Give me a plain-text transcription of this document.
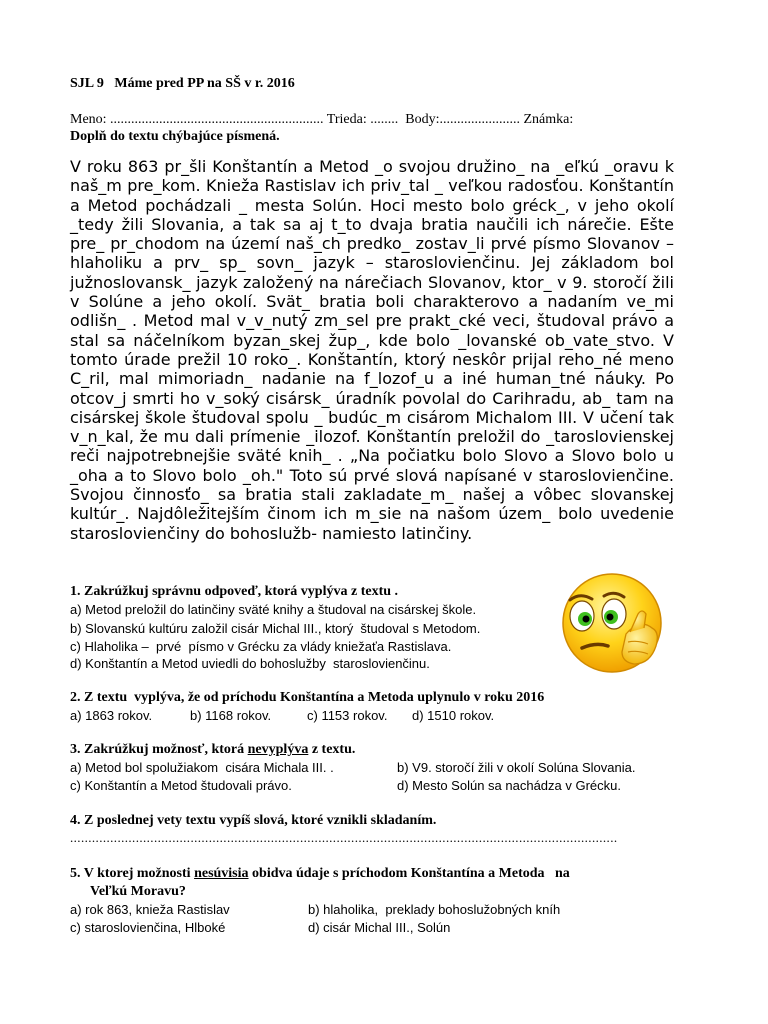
SJL 9   Máme pred PP na SŠ v r. 2016
Meno: ............................................................. Trieda: ........  Body:....................... Známka:
Doplň do textu chýbajúce písmená.
V roku 863 pr_šli Konštantín a Metod _o svojou družino_ na _eľkú _oravu k naš_m pre_kom. Knieža Rastislav ich priv_tal _ veľkou radosťou. Konštantín a Metod pochádzali _ mesta Solún. Hoci mesto bolo gréck_, v jeho okolí _tedy žili Slovania, a tak sa aj t_to dvaja bratia naučili ich nárečie. Ešte pre_ pr_chodom na území naš_ch predko_ zostav_li prvé písmo Slovanov – hlaholiku a prv_ sp_ sovn_ jazyk – staroslovienčinu. Jej základom bol južnoslovansk_ jazyk založený na nárečiach Slovanov, ktor_ v 9. storočí žili v Solúne a jeho okolí. Svät_ bratia boli charakterovo a nadaním ve_mi odlišn_ . Metod mal v_v_nutý zm_sel pre prakt_cké veci, študoval právo a stal sa náčelníkom byzan_skej žup_, kde bolo _lovanské ob_vate_stvo. V tomto úrade prežil 10 roko_. Konštantín, ktorý neskôr prijal reho_né meno C_ril, mal mimoriadn_ nadanie na f_lozof_u a iné human_tné náuky. Po otcov_j smrti ho v_soký cisársk_ úradník povolal do Carihradu, ab_ tam na cisárskej škole študoval spolu _ budúc_m cisárom Michalom III. V učení tak v_n_kal, že mu dali prímenie _ilozof. Konštantín preložil do _taroslovienskej reči najpotrebnejšie sväté knih_ . „Na počiatku bolo Slovo a Slovo bolo u _oha a to Slovo bolo _oh." Toto sú prvé slová napísané v staroslovienčine. Svojou činnosťo_ sa bratia stali zakladate_m_ našej a vôbec slovanskej kultúr_. Najdôležitejším činom ich m_sie na našom územ_ bolo uvedenie staroslovienčiny do bohoslužb- namiesto latinčiny.
1. Zakrúžkuj správnu odpoveď, ktorá vyplýva z textu .
a) Metod preložil do latinčiny sväté knihy a študoval na cisárskej škole.
b) Slovanskú kultúru založil cisár Michal III., ktorý  študoval s Metodom.
c) Hlaholika –  prvé  písmo v Grécku za vlády kniežaťa Rastislava.
d) Konštantín a Metod uviedli do bohoslužby  staroslovienčinu.
2. Z textu  vyplýva, že od príchodu Konštantína a Metoda uplynulo v roku 2016
a) 1863 rokov.	b) 1168 rokov.	c) 1153 rokov. d) 1510 rokov.
3. Zakrúžkuj možnosť, ktorá nevyplýva z textu.
a) Metod bol spolužiakom  cisára Michala III. .	b) V9. storočí žili v okolí Solúna Slovania.
c) Konštantín a Metod študovali právo.	d) Mesto Solún sa nachádza v Grécku.
4. Z poslednej vety textu vypíš slová, ktoré vznikli skladaním.
......................................................................................................................................................
5. V ktorej možnosti nesúvisia obidva údaje s príchodom Konštantína a Metoda   na
Veľkú Moravu?
a) rok 863, knieža Rastislav	b) hlaholika,  preklady bohoslužobných kníh
c) staroslovienčina, Hlboké	d) cisár Michal III., Solún
